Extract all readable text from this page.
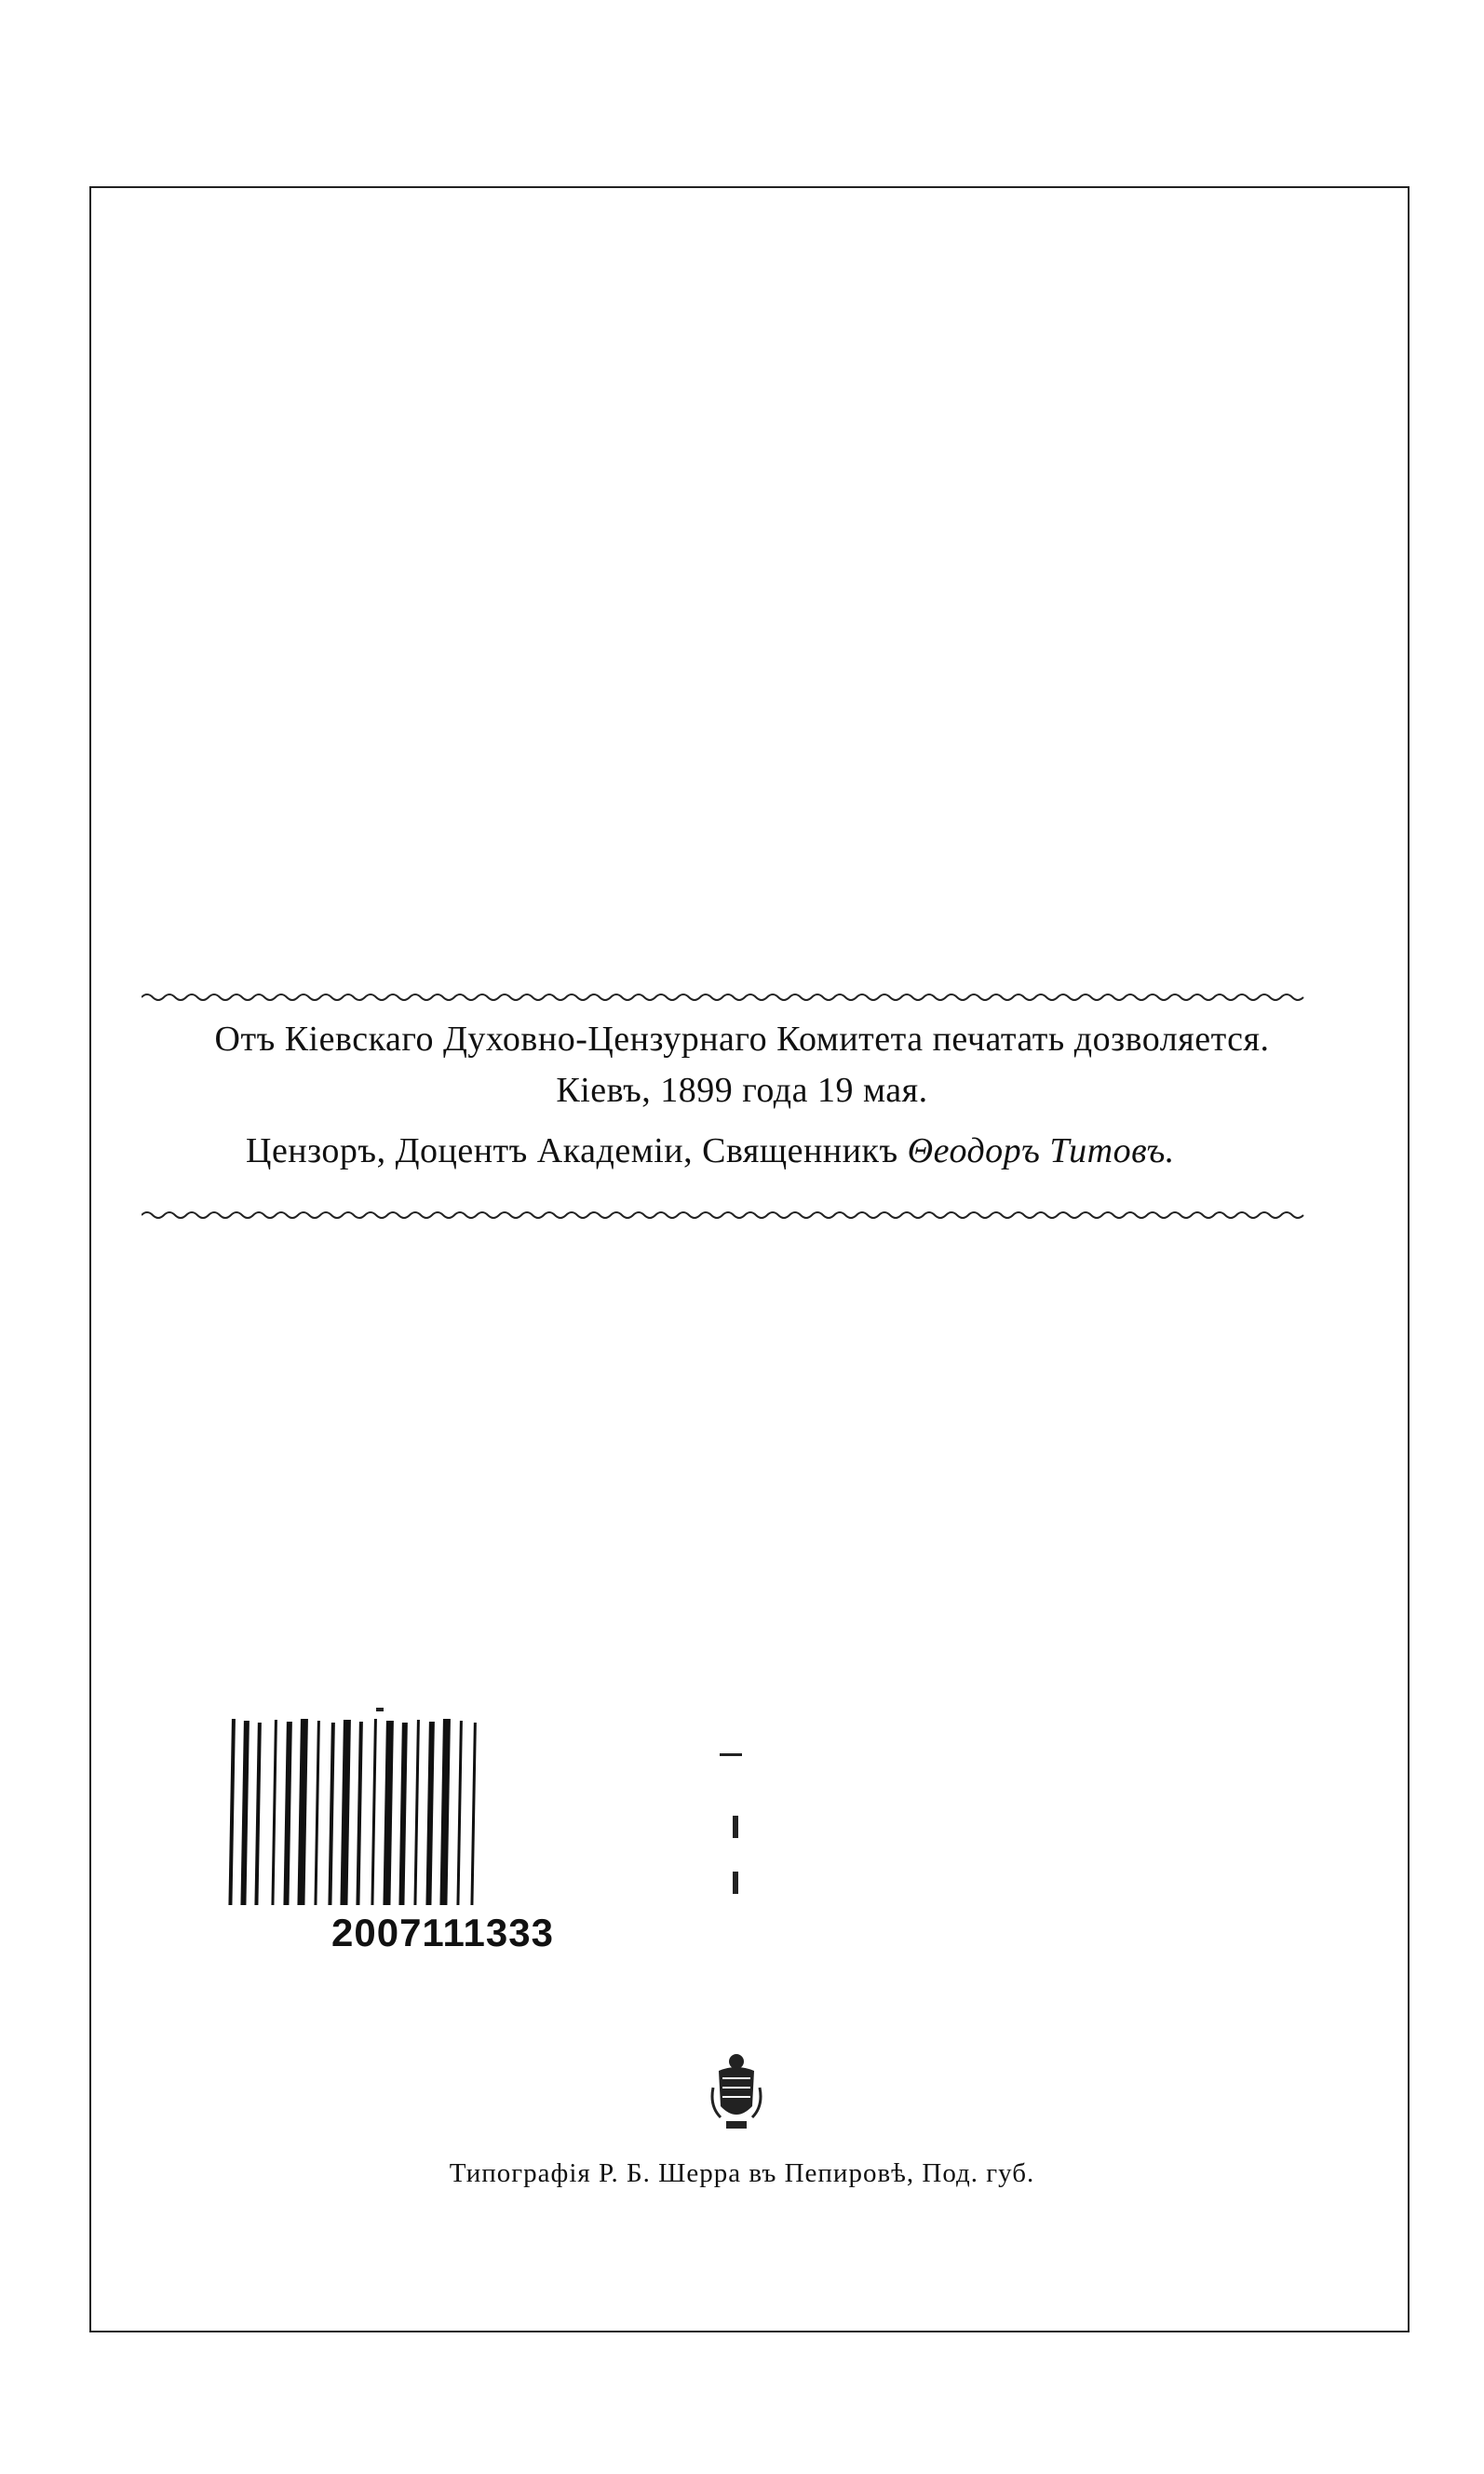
Отъ Кіевскаго Духовно-Цензурнаго Комитета печатать дозволяется.
Кіевъ, 1899 года 19 мая.
Цензоръ, Доцентъ Академіи, Священникъ Θеодоръ Титовъ.
2007111333
Типографія Р. Б. Шерра въ Пепировѣ, Под. губ.
